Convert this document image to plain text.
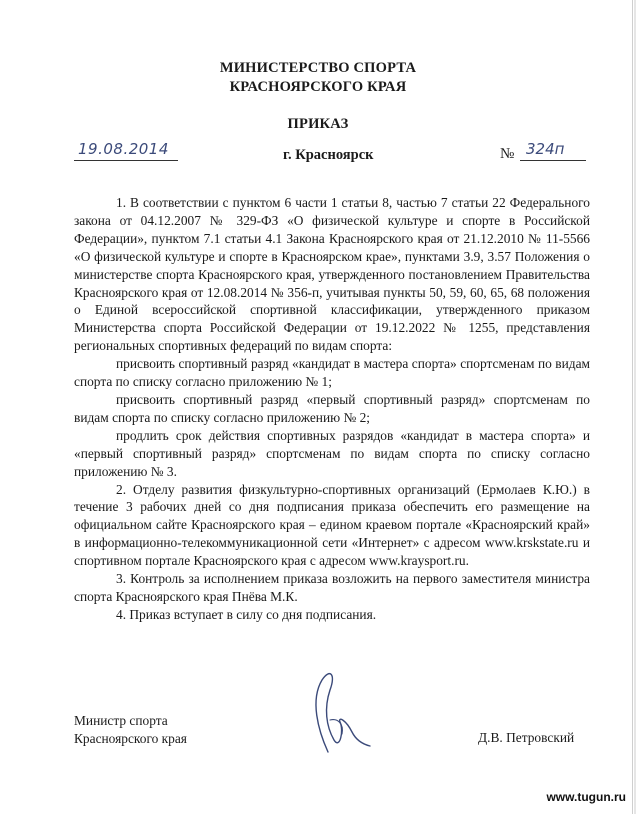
МИНИСТЕРСТВО СПОРТА
КРАСНОЯРСКОГО КРАЯ
ПРИКАЗ
19.08.2014	г. Красноярск	№ 324п

1. В соответствии с пунктом 6 части 1 статьи 8, частью 7 статьи 22 Федерального закона от 04.12.2007 № 329-ФЗ «О физической культуре и спорте в Российской Федерации», пунктом 7.1 статьи 4.1 Закона Красноярского края от 21.12.2010 № 11-5566 «О физической культуре и спорте в Красноярском крае», пунктами 3.9, 3.57 Положения о министерстве спорта Красноярского края, утвержденного постановлением Правительства Красноярского края от 12.08.2014 № 356-п, учитывая пункты 50, 59, 60, 65, 68 положения о Единой всероссийской спортивной классификации, утвержденного приказом Министерства спорта Российской Федерации от 19.12.2022 № 1255, представления региональных спортивных федераций по видам спорта:

присвоить спортивный разряд «кандидат в мастера спорта» спортсменам по видам спорта по списку согласно приложению № 1;

присвоить спортивный разряд «первый спортивный разряд» спортсменам по видам спорта по списку согласно приложению № 2;

продлить срок действия спортивных разрядов «кандидат в мастера спорта» и «первый спортивный разряд» спортсменам по видам спорта по списку согласно приложению № 3.

2. Отделу развития физкультурно-спортивных организаций (Ермолаев К.Ю.) в течение 3 рабочих дней со дня подписания приказа обеспечить его размещение на официальном сайте Красноярского края – едином краевом портале «Красноярский край» в информационно-телекоммуникационной сети «Интернет» с адресом www.krskstate.ru и спортивном портале Красноярского края с адресом www.kraysport.ru.

3. Контроль за исполнением приказа возложить на первого заместителя министра спорта Красноярского края Пнёва М.К.

4. Приказ вступает в силу со дня подписания.

Министр спорта
Красноярского края	Д.В. Петровский
www.tugun.ru
